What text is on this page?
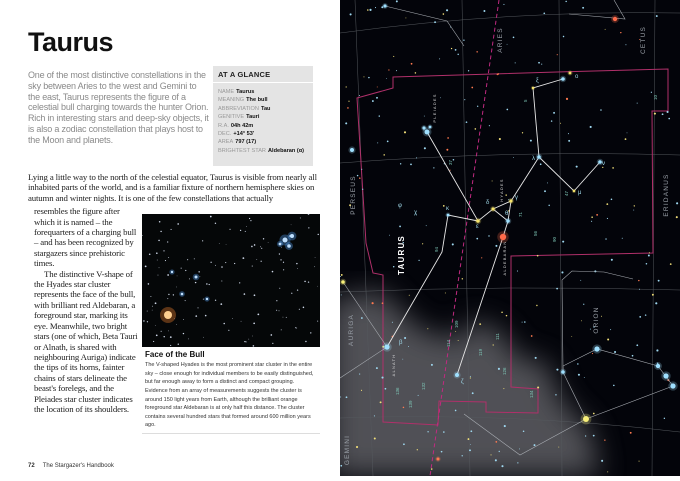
Taurus

One of the most distinctive constellations in the sky between Aries to the west and Gemini to the east, Taurus represents the figure of a celestial bull charging towards the hunter Orion. Rich in interesting stars and deep-sky objects, it is also a zodiac constellation that plays host to the Moon and planets.

AT A GLANCE
NAME Taurus
MEANING The bull
ABBREVIATION Tau
GENITIVE Tauri
R.A. 04h 42m
DEC. +14° 53'
AREA 797 (17)
BRIGHTEST STAR Aldebaran (α)

Lying a little way to the north of the celestial equator, Taurus is visible from nearly all inhabited parts of the world, and is a familiar fixture of northern hemisphere skies on autumn and winter nights. It is one of the few constellations that actually

resembles the figure after which it is named – the forequarters of a charging bull – and has been recognized by stargazers since prehistoric times.

The distinctive V-shape of the Hyades star cluster represents the face of the bull, with brilliant red Aldebaran, a foreground star, marking its eye. Meanwhile, two bright stars (one of which, Beta Tauri or Alnath, is shared with neighbouring Auriga) indicate the tips of its horns, fainter chains of stars delineate the beast's forelegs, and the Pleiades star cluster indicates the location of its shoulders.

Face of the Bull
The V-shaped Hyades is the most prominent star cluster in the entire sky – close enough for individual members to be easily distinguished, but far enough away to form a distinct and compact grouping. Evidence from an array of measurements suggests the cluster is around 150 light years from Earth, although the brilliant orange foreground star Aldebaran is at only half this distance. The cluster contains several hundred stars that formed around 600 million years ago.
72 The Stargazer's Handbook
ARIES	CETUS
PERSEUS
TAURUS
ERIDANUS
ORION
AURIGA
GEMINI
PLEIADES
HYADES
ALDEBARAN
ALNATH
ξ
ο
λ
μ
ν
ε
δ
γ
θ
κ
β
ζ
χ
φ
37
5
10
47
56
90
94
109
114
111
119
126
134
136
139
132
71
